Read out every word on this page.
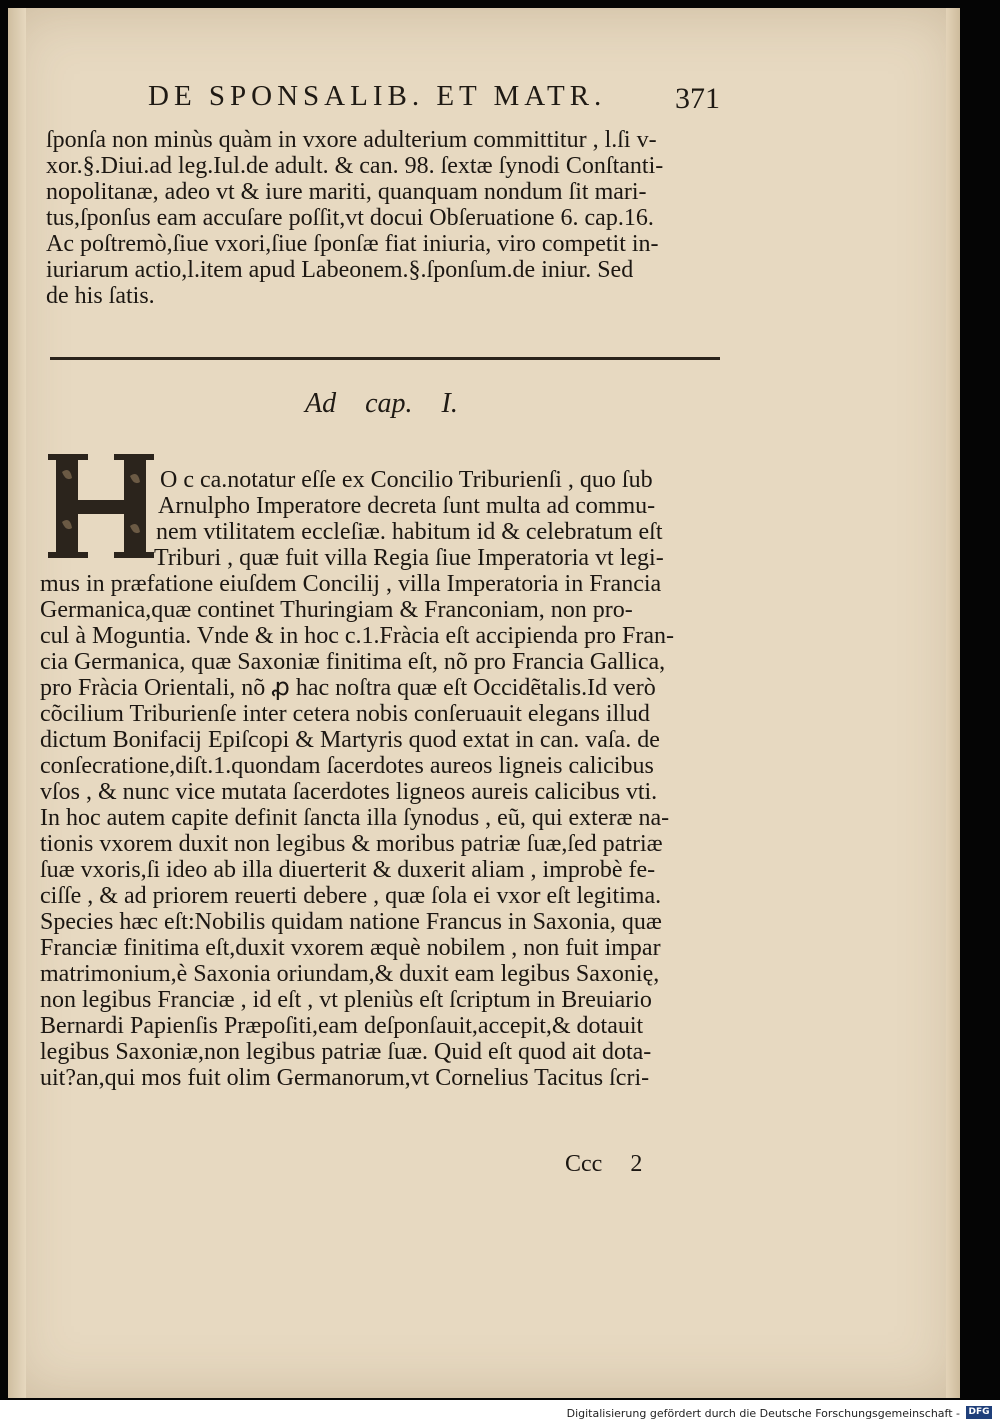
DE SPONSALIB. ET MATR. 371
ſponſa non minùs quàm in vxore adulterium committitur , l.ſi v-
xor.§.Diui.ad leg.Iul.de adult. & can. 98. ſextæ ſynodi Conſtanti-
nopolitanæ, adeo vt & iure mariti, quanquam nondum ſit mari-
tus,ſponſus eam accuſare poſſit,vt docui Obſeruatione 6. cap.16.
Ac poſtremò,ſiue vxori,ſiue ſponſæ fiat iniuria, viro competit in-
iuriarum actio,l.item apud Labeonem.§.ſponſum.de iniur. Sed
de his ſatis.
Ad cap. I.
O c ca.notatur eſſe ex Concilio Triburienſi , quo ſub
Arnulpho Imperatore decreta ſunt multa ad commu-
nem vtilitatem eccleſiæ. habitum id & celebratum eſt
Triburi , quæ fuit villa Regia ſiue Imperatoria vt legi-
mus in præfatione eiuſdem Concilij , villa Imperatoria in Francia
Germanica,quæ continet Thuringiam & Franconiam, non pro-
cul à Moguntia. Vnde & in hoc c.1.Fràcia eſt accipienda pro Fran-
cia Germanica, quæ Saxoniæ finitima eſt, nõ pro Francia Gallica,
pro Fràcia Orientali, nõ ꝓ hac noſtra quæ eſt Occidẽtalis.Id verò
cõcilium Triburienſe inter cetera nobis conſeruauit elegans illud
dictum Bonifacij Epiſcopi & Martyris quod extat in can. vaſa. de
conſecratione,diſt.1.quondam ſacerdotes aureos ligneis calicibus
vſos , & nunc vice mutata ſacerdotes ligneos aureis calicibus vti.
In hoc autem capite definit ſancta illa ſynodus , eũ, qui exteræ na-
tionis vxorem duxit non legibus & moribus patriæ ſuæ,ſed patriæ
ſuæ vxoris,ſi ideo ab illa diuerterit & duxerit aliam , improbè fe-
ciſſe , & ad priorem reuerti debere , quæ ſola ei vxor eſt legitima.
Species hæc eſt:Nobilis quidam natione Francus in Saxonia, quæ
Franciæ finitima eſt,duxit vxorem æquè nobilem , non fuit impar
matrimonium,è Saxonia oriundam,& duxit eam legibus Saxonię,
non legibus Franciæ , id eſt , vt pleniùs eſt ſcriptum in Breuiario
Bernardi Papienſis Præpoſiti,eam deſponſauit,accepit,& dotauit
legibus Saxoniæ,non legibus patriæ ſuæ. Quid eſt quod ait dota-
uit?an,qui mos fuit olim Germanorum,vt Cornelius Tacitus ſcri-
Ccc 2
Digitalisierung gefördert durch die Deutsche Forschungsgemeinschaft - DFG
